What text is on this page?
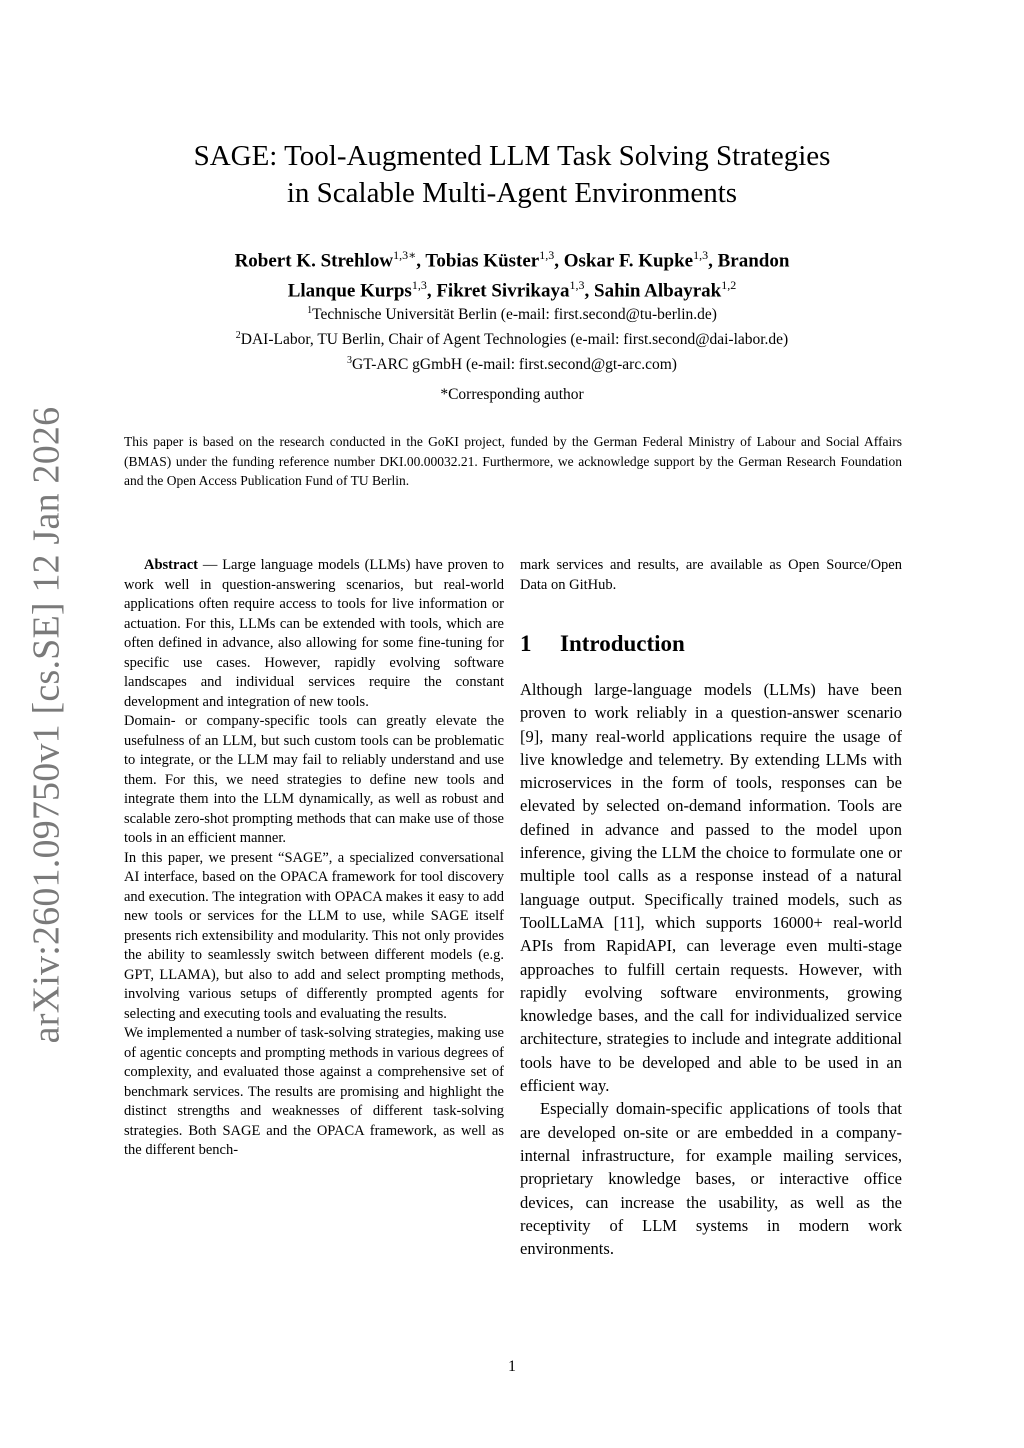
arXiv:2601.09750v1 [cs.SE] 12 Jan 2026
SAGE: Tool-Augmented LLM Task Solving Strategies
in Scalable Multi-Agent Environments
Robert K. Strehlow$^{1,3∗}$, Tobias Küster$^{1,3}$, Oskar F. Kupke$^{1,3}$, Brandon
Llanque Kurps$^{1,3}$, Fikret Sivrikaya$^{1,3}$, Sahin Albayrak$^{1,2}$
$^1$Technische Universität Berlin (e-mail: first.second@tu-berlin.de)
$^2$DAI-Labor, TU Berlin, Chair of Agent Technologies (e-mail: first.second@dai-labor.de)
$^3$GT-ARC gGmbH (e-mail: first.second@gt-arc.com)
*Corresponding author
This paper is based on the research conducted in the GoKI project, funded by the German Federal Ministry of Labour and Social Affairs (BMAS) under the funding reference number DKI.00.00032.21. Furthermore, we acknowledge support by the German Research Foundation and the Open Access Publication Fund of TU Berlin.

Abstract — Large language models (LLMs) have proven to work well in question-answering scenarios, but real-world applications often require access to tools for live information or actuation. For this, LLMs can be extended with tools, which are often defined in advance, also allowing for some fine-tuning for specific use cases. However, rapidly evolving software landscapes and individual services require the constant development and integration of new tools.

Domain- or company-specific tools can greatly elevate the usefulness of an LLM, but such custom tools can be problematic to integrate, or the LLM may fail to reliably understand and use them. For this, we need strategies to define new tools and integrate them into the LLM dynamically, as well as robust and scalable zero-shot prompting methods that can make use of those tools in an efficient manner.

In this paper, we present “SAGE”, a specialized conversational AI interface, based on the OPACA framework for tool discovery and execution. The integration with OPACA makes it easy to add new tools or services for the LLM to use, while SAGE itself presents rich extensibility and modularity. This not only provides the ability to seamlessly switch between different models (e.g. GPT, LLAMA), but also to add and select prompting methods, involving various setups of differently prompted agents for selecting and executing tools and evaluating the results.

We implemented a number of task-solving strategies, making use of agentic concepts and prompting methods in various degrees of complexity, and evaluated those against a comprehensive set of benchmark services. The results are promising and highlight the distinct strengths and weaknesses of different task-solving strategies. Both SAGE and the OPACA framework, as well as the different bench-

mark services and results, are available as Open Source/Open Data on GitHub.

1 Introduction

Although large-language models (LLMs) have been proven to work reliably in a question-answer scenario [9], many real-world applications require the usage of live knowledge and telemetry. By extending LLMs with microservices in the form of tools, responses can be elevated by selected on-demand information. Tools are defined in advance and passed to the model upon inference, giving the LLM the choice to formulate one or multiple tool calls as a response instead of a natural language output. Specifically trained models, such as ToolLLaMA [11], which supports 16000+ real-world APIs from RapidAPI, can leverage even multi-stage approaches to fulfill certain requests. However, with rapidly evolving software environments, growing knowledge bases, and the call for individualized service architecture, strategies to include and integrate additional tools have to be developed and able to be used in an efficient way.

Especially domain-specific applications of tools that are developed on-site or are embedded in a company-internal infrastructure, for example mailing services, proprietary knowledge bases, or interactive office devices, can increase the usability, as well as the receptivity of LLM systems in modern work environments.

1
